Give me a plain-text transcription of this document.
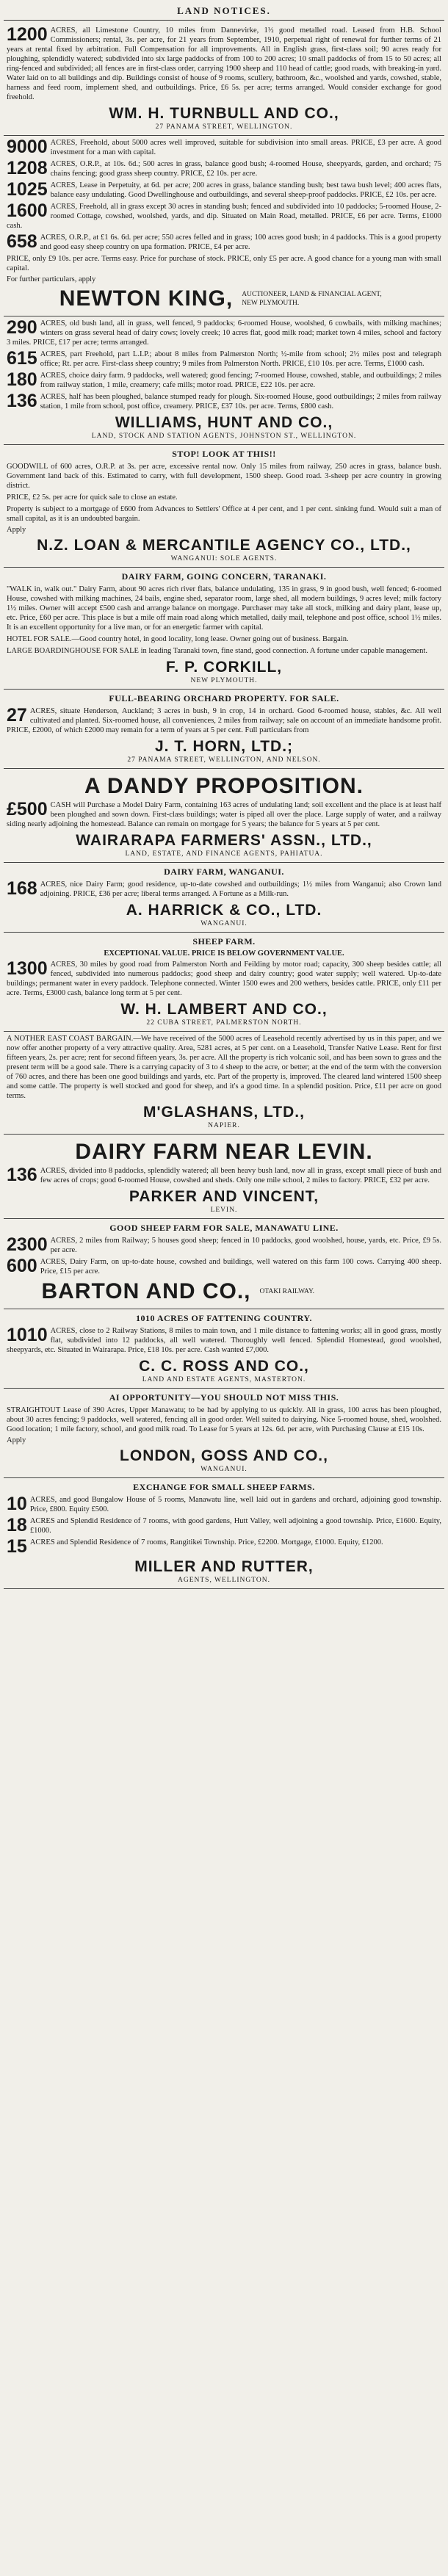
LAND NOTICES.
1200 ACRES, all Limestone Country, 10 miles from Dannevirke, 1½ good metalled road. Leased from H.B. School Commissioners; rental, 3s. per acre, for 21 years from September, 1910, perpetual right of renewal for further terms of 21 years at rental fixed by arbitration. Full Compensation for all improvements. All in English grass, first-class soil; 90 acres ready for ploughing, splendidly watered; subdivided into six large paddocks of from 100 to 200 acres; 10 small paddocks of from 15 to 50 acres; all ring-fenced and subdivided; all fences are in first-class order, carrying 1900 sheep and 110 head of cattle; good roads, with breaking-in yard. Water laid on to all buildings and dip. Buildings consist of house of 9 rooms, scullery, bathroom, &c., woolshed and yards, cowshed, stable, harness and feed room, implement shed, and outbuildings. Price, £6 5s. per acre; terms arranged. Would consider exchange for good freehold.
WM. H. TURNBULL AND CO.,
27 PANAMA STREET, WELLINGTON.
9000 ACRES, Freehold, about 5000 acres well improved, suitable for subdivision into small areas. PRICE, £3 per acre. A good investment for a man with capital.
1208 ACRES, O.R.P., at 10s. 6d.; 500 acres in grass, balance good bush; 4-roomed House, sheepyards, garden, and orchard; 75 chains fencing; good grass sheep country. PRICE, £2 10s. per acre.
1025 ACRES, Lease in Perpetuity, at 6d. per acre; 200 acres in grass, balance standing bush; best tawa bush level; 400 acres flats, balance easy undulating. Good Dwellinghouse and outbuildings, and several sheep-proof paddocks. PRICE, £2 10s. per acre.
1600 ACRES, Freehold, all in grass except 30 acres in standing bush; fenced and subdivided into 10 paddocks; 5-roomed House, 2-roomed Cottage, cowshed, woolshed, yards, and dip. Situated on Main Road, metalled. PRICE, £6 per acre. Terms, £1000 cash.
658 ACRES, O.R.P., at £1 6s. 6d. per acre; 550 acres felled and in grass; 100 acres good bush; in 4 paddocks. This is a good property and good easy sheep country on upa formation. PRICE, £4 per acre.
PRICE, only £9 10s. per acre. Terms easy. Price for purchase of stock. PRICE, only £5 per acre. A good chance for a young man with small capital.
For further particulars, apply
NEWTON KING, AUCTIONEER, LAND & FINANCIAL AGENT, NEW PLYMOUTH.
290 ACRES, old bush land, all in grass, well fenced, 9 paddocks; 6-roomed House, woolshed, 6 cowbails, with milking machines; winters on grass several head of dairy cows; lovely creek; 10 acres flat, good milk road; market town 4 miles, school and factory 3 miles. PRICE, £17 per acre; terms arranged.
615 ACRES, part Freehold, part L.I.P.; about 8 miles from Palmerston North; ½-mile from school; 2½ miles post and telegraph office; Rt. per acre. First-class sheep country; 9 miles from Palmerston North. PRICE, £10 10s. per acre. Terms, £1000 cash.
180 ACRES, choice dairy farm. 9 paddocks, well watered; good fencing; 7-roomed House, cowshed, stable, and outbuildings; 2 miles from railway station, 1 mile, creamery; cafe mills; motor road. PRICE, £22 10s. per acre.
136 ACRES, half has been ploughed, balance stumped ready for plough. Six-roomed House, good outbuildings; 2 miles from railway station, 1 mile from school, post office, creamery. PRICE, £37 10s. per acre. Terms, £800 cash.
WILLIAMS, HUNT AND CO.,
LAND, STOCK AND STATION AGENTS, JOHNSTON ST., WELLINGTON.
STOP! LOOK AT THIS!!
GOODWILL of 600 acres, O.R.P. at 3s. per acre, excessive rental now. Only 15 miles from railway, 250 acres in grass, balance bush. Government land back of this. Estimated to carry, with full development, 1500 sheep. Good road. 3-sheep per acre country in growing district.
PRICE, £2 5s. per acre for quick sale to close an estate.
Property is subject to a mortgage of £600 from Advances to Settlers' Office at 4 per cent, and 1 per cent. sinking fund. Would suit a man of small capital, as it is an undoubted bargain.
Apply
N.Z. LOAN & MERCANTILE AGENCY CO., LTD.,
WANGANUI: SOLE AGENTS.
DAIRY FARM, GOING CONCERN, TARANAKI.
"WALK in, walk out." Dairy Farm, about 90 acres rich river flats, balance undulating, 135 in grass, 9 in good bush, well fenced; 6-roomed House, cowshed with milking machines, 24 bails, engine shed, separator room, large shed, all modern buildings, 9 acres level; milk factory 1½ miles. Owner will accept £500 cash and arrange balance on mortgage. Purchaser may take all stock, milking and dairy plant, lease up, etc. Price, £60 per acre. This place is but a mile off main road along which metalled, daily mail, telephone and post office, school 1½ miles. It is an excellent opportunity for a live man, or for an energetic farmer with capital.
HOTEL FOR SALE.—Good country hotel, in good locality, long lease. Owner going out of business. Bargain.
LARGE BOARDINGHOUSE FOR SALE in leading Taranaki town, fine stand, good connection. A fortune under capable management.
F. P. CORKILL,
NEW PLYMOUTH.
FULL-BEARING ORCHARD PROPERTY. FOR SALE.
27 ACRES, situate Henderson, Auckland; 3 acres in bush, 9 in crop, 14 in orchard. Good 6-roomed house, stables, &c. All well cultivated and planted. Six-roomed house, all conveniences, 2 miles from railway; sale on account of an immediate handsome profit. PRICE, £2000, of which £2000 may remain for a term of years at 5 per cent. Full particulars from
J. T. HORN, LTD.;
27 PANAMA STREET, WELLINGTON, AND NELSON.
A DANDY PROPOSITION.
£500 CASH will Purchase a Model Dairy Farm, containing 163 acres of undulating land; soil excellent and the place is at least half been ploughed and sown down. First-class buildings; water is piped all over the place. Large supply of water, and a railway siding nearly adjoining the homestead. Balance can remain on mortgage for 5 years; the balance for 5 years at 5 per cent.
WAIRARAPA FARMERS' ASSN., LTD.,
LAND, ESTATE, AND FINANCE AGENTS, PAHIATUA.
DAIRY FARM, WANGANUI.
168 ACRES, nice Dairy Farm; good residence, up-to-date cowshed and outbuildings; 1½ miles from Wanganui; also Crown land adjoining. PRICE, £36 per acre; liberal terms arranged. A Fortune as a Milk-run.
A. HARRICK & CO., LTD.
WANGANUI.
SHEEP FARM.
EXCEPTIONAL VALUE. PRICE IS BELOW GOVERNMENT VALUE.
1300 ACRES, 30 miles by good road from Palmerston North and Feilding by motor road; capacity, 300 sheep besides cattle; all fenced, subdivided into numerous paddocks; good sheep and dairy country; good water supply; well watered. Up-to-date buildings; permanent water in every paddock. Telephone connected. Winter 1500 ewes and 200 wethers, besides cattle. PRICE, only £11 per acre. Terms, £3000 cash, balance long term at 5 per cent.
W. H. LAMBERT AND CO.,
22 CUBA STREET, PALMERSTON NORTH.
A NOTHER EAST COAST BARGAIN.—We have received of the 5000 acres of Leasehold recently advertised by us in this paper, and we now offer another property of a very attractive quality. Area, 5281 acres, at 5 per cent. on a Leasehold, Transfer Native Lease. Rent for first fifteen years, 2s. per acre; rent for second fifteen years, 3s. per acre. All the property is rich volcanic soil, and has been sown to grass and the present term will be a good sale. There is a carrying capacity of 3 to 4 sheep to the acre, or better; at the end of the term with the conversion of 760 acres, and there has been one good buildings and yards, etc. Part of the property is, improved. The cleared land wintered 1500 sheep and some cattle. The property is well stocked and good for sheep, and it's a good time. In a splendid position. Price, £11 per acre on good terms.
M'GLASHANS, LTD.,
NAPIER.
DAIRY FARM NEAR LEVIN.
136 ACRES, divided into 8 paddocks, splendidly watered; all been heavy bush land, now all in grass, except small piece of bush and few acres of crops; good 6-roomed House, cowshed and sheds. Only one mile school, 2 miles to factory. PRICE, £32 per acre.
PARKER AND VINCENT,
LEVIN.
GOOD SHEEP FARM FOR SALE, MANAWATU LINE.
2300 ACRES, 2 miles from Railway; 5 houses good sheep; fenced in 10 paddocks, good woolshed, house, yards, etc. Price, £9 5s. per acre.
600 ACRES, Dairy Farm, on up-to-date house, cowshed and buildings, well watered on this farm 100 cows. Carrying 400 sheep. Price, £15 per acre.
BARTON AND CO., OTAKI RAILWAY.
1010 ACRES OF FATTENING COUNTRY.
1010 ACRES, close to 2 Railway Stations, 8 miles to main town, and 1 mile distance to fattening works; all in good grass, mostly flat, subdivided into 12 paddocks, all well watered. Thoroughly well fenced. Splendid Homestead, good woolshed, sheepyards, etc. Situated in Wairarapa. Price, £18 10s. per acre. Cash wanted £7,000.
C. C. ROSS AND CO.,
LAND AND ESTATE AGENTS, MASTERTON.
AI OPPORTUNITY—YOU SHOULD NOT MISS THIS.
STRAIGHTOUT Lease of 390 Acres, Upper Manawatu; to be had by applying to us quickly. All in grass, 100 acres has been ploughed, about 30 acres fencing; 9 paddocks, well watered, fencing all in good order. Well suited to dairying. Nice 5-roomed house, shed, woolshed. Good location; 1 mile factory, school, and good milk road. To Lease for 5 years at 12s. 6d. per acre, with Purchasing Clause at £15 10s.
Apply
LONDON, GOSS AND CO.,
WANGANUI.
EXCHANGE FOR SMALL SHEEP FARMS.
10 ACRES, and good Bungalow House of 5 rooms, Manawatu line, well laid out in gardens and orchard, adjoining good township. Price, £800. Equity £500.
18 ACRES and Splendid Residence of 7 rooms, with good gardens, Hutt Valley, well adjoining a good township. Price, £1600. Equity, £1000.
15 ACRES and Splendid Residence of 7 rooms, Rangitikei Township. Price, £2200. Mortgage, £1000. Equity, £1200.
MILLER AND RUTTER,
AGENTS, WELLINGTON.
